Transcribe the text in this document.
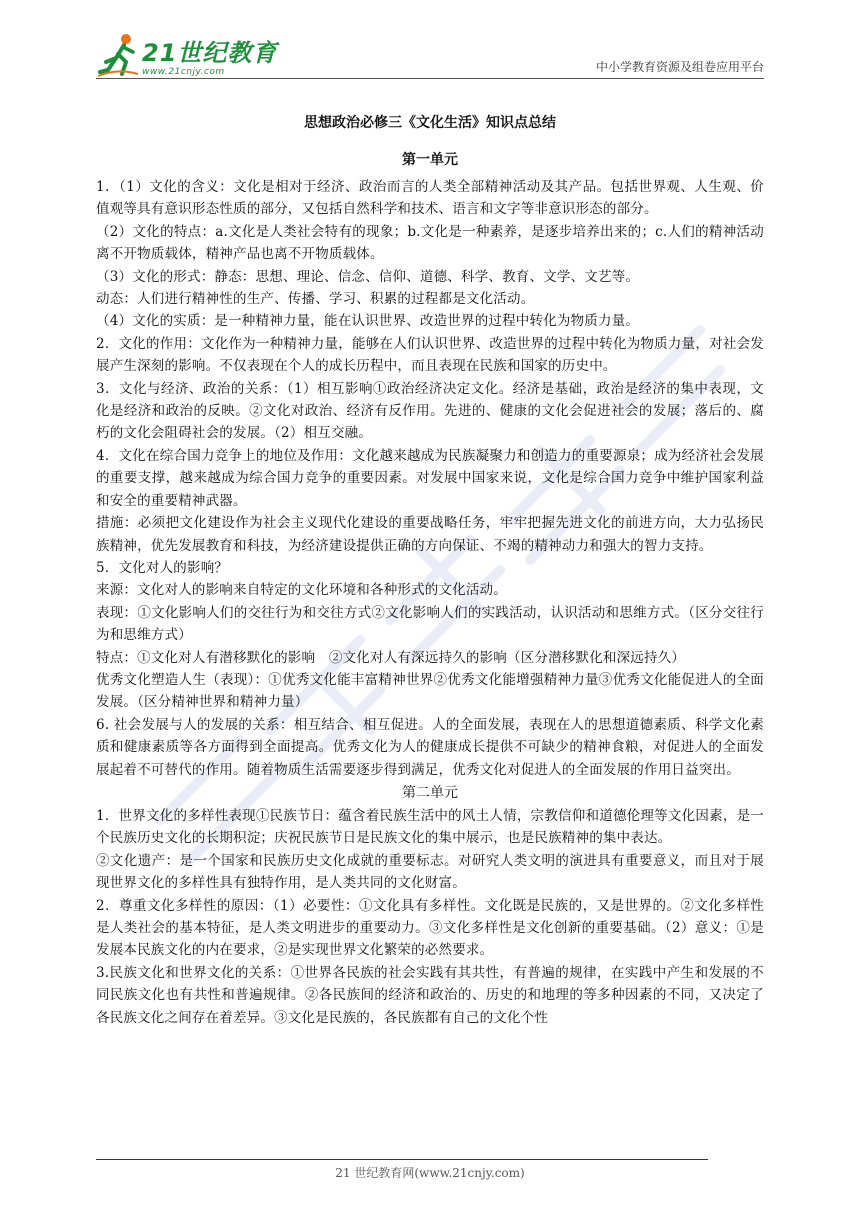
21世纪教育
www.21cnjy.com	中小学教育资源及组卷应用平台
思想政治必修三《文化生活》知识点总结
第一单元

1．（1）文化的含义：文化是相对于经济、政治而言的人类全部精神活动及其产品。包括世界观、人生观、价值观等具有意识形态性质的部分，又包括自然科学和技术、语言和文字等非意识形态的部分。

（2）文化的特点：a.文化是人类社会特有的现象；b.文化是一种素养，是逐步培养出来的；c.人们的精神活动离不开物质载体，精神产品也离不开物质载体。

（3）文化的形式：静态：思想、理论、信念、信仰、道德、科学、教育、文学、文艺等。

动态：人们进行精神性的生产、传播、学习、积累的过程都是文化活动。

（4）文化的实质：是一种精神力量，能在认识世界、改造世界的过程中转化为物质力量。

2．文化的作用：文化作为一种精神力量，能够在人们认识世界、改造世界的过程中转化为物质力量，对社会发展产生深刻的影响。不仅表现在个人的成长历程中，而且表现在民族和国家的历史中。

3．文化与经济、政治的关系：（1）相互影响①政治经济决定文化。经济是基础，政治是经济的集中表现，文化是经济和政治的反映。②文化对政治、经济有反作用。先进的、健康的文化会促进社会的发展；落后的、腐朽的文化会阻碍社会的发展。（2）相互交融。

4．文化在综合国力竞争上的地位及作用：文化越来越成为民族凝聚力和创造力的重要源泉；成为经济社会发展的重要支撑，越来越成为综合国力竞争的重要因素。对发展中国家来说，文化是综合国力竞争中维护国家利益和安全的重要精神武器。

措施：必须把文化建设作为社会主义现代化建设的重要战略任务，牢牢把握先进文化的前进方向，大力弘扬民族精神，优先发展教育和科技，为经济建设提供正确的方向保证、不竭的精神动力和强大的智力支持。

5．文化对人的影响？

来源：文化对人的影响来自特定的文化环境和各种形式的文化活动。

表现：①文化影响人们的交往行为和交往方式②文化影响人们的实践活动，认识活动和思维方式。（区分交往行为和思维方式）

特点：①文化对人有潜移默化的影响　②文化对人有深远持久的影响（区分潜移默化和深远持久）

优秀文化塑造人生（表现）：①优秀文化能丰富精神世界②优秀文化能增强精神力量③优秀文化能促进人的全面发展。（区分精神世界和精神力量）

6. 社会发展与人的发展的关系：相互结合、相互促进。人的全面发展，表现在人的思想道德素质、科学文化素质和健康素质等各方面得到全面提高。优秀文化为人的健康成长提供不可缺少的精神食粮，对促进人的全面发展起着不可替代的作用。随着物质生活需要逐步得到满足，优秀文化对促进人的全面发展的作用日益突出。

第二单元

1．世界文化的多样性表现①民族节日：蕴含着民族生活中的风土人情，宗教信仰和道德伦理等文化因素，是一个民族历史文化的长期积淀；庆祝民族节日是民族文化的集中展示，也是民族精神的集中表达。

②文化遗产：是一个国家和民族历史文化成就的重要标志。对研究人类文明的演进具有重要意义，而且对于展现世界文化的多样性具有独特作用，是人类共同的文化财富。

2．尊重文化多样性的原因：（1）必要性：①文化具有多样性。文化既是民族的，又是世界的。②文化多样性是人类社会的基本特征，是人类文明进步的重要动力。③文化多样性是文化创新的重要基础。（2）意义：①是发展本民族文化的内在要求，②是实现世界文化繁荣的必然要求。

3.民族文化和世界文化的关系：①世界各民族的社会实践有其共性，有普遍的规律，在实践中产生和发展的不同民族文化也有共性和普遍规律。②各民族间的经济和政治的、历史的和地理的等多种因素的不同，又决定了各民族文化之间存在着差异。③文化是民族的，各民族都有自己的文化个性

21 世纪教育网(www.21cnjy.com)
